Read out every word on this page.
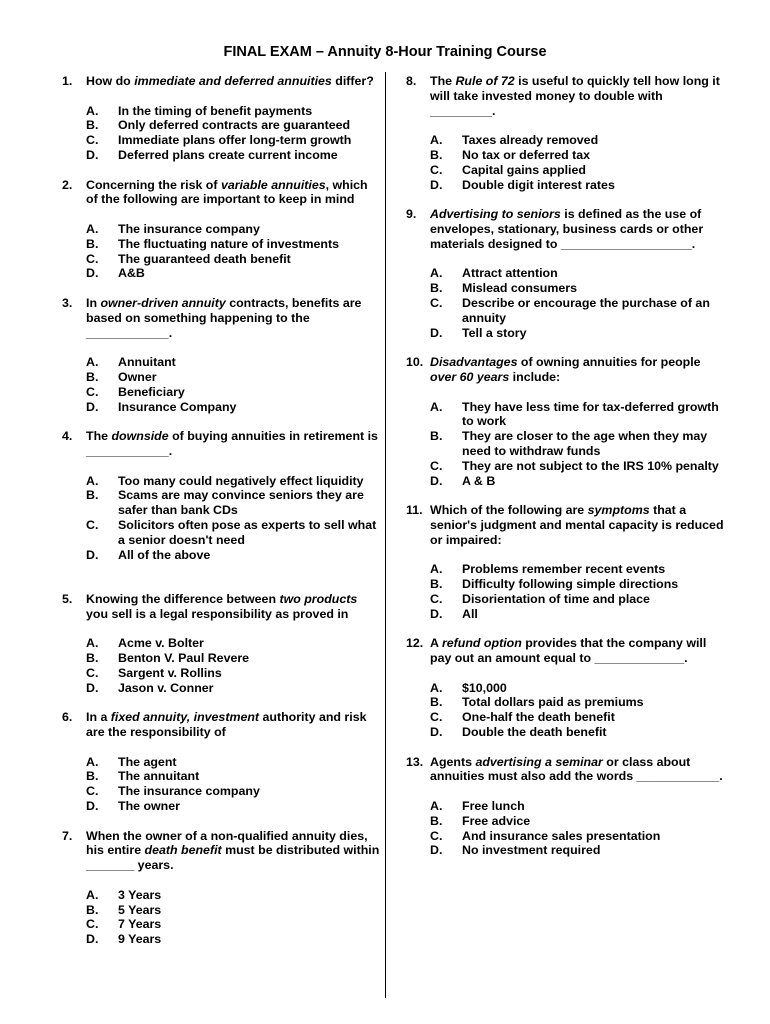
FINAL EXAM – Annuity 8-Hour Training Course
1.	How do immediate and deferred annuities differ?
A.	In the timing of benefit payments
B.	Only deferred contracts are guaranteed
C.	Immediate plans offer long-term growth
D.	Deferred plans create current income
2.	Concerning the risk of variable annuities, which of the following are important to keep in mind
A.	The insurance company
B.	The fluctuating nature of investments
C.	The guaranteed death benefit
D.	A&B
3.	In owner-driven annuity contracts, benefits are based on something happening to the ____________.
A.	Annuitant
B.	Owner
C.	Beneficiary
D.	Insurance Company
4.	The downside of buying annuities in retirement is ____________.
A.	Too many could negatively effect liquidity
B.	Scams are may convince seniors they are safer than bank CDs
C.	Solicitors often pose as experts to sell what a senior doesn't need
D.	All of the above
5.	Knowing the difference between two products you sell is a legal responsibility as proved in
A.	Acme v. Bolter
B.	Benton V. Paul Revere
C.	Sargent v. Rollins
D.	Jason v. Conner
6.	In a fixed annuity, investment authority and risk are the responsibility of
A.	The agent
B.	The annuitant
C.	The insurance company
D.	The owner
7.	When the owner of a non-qualified annuity dies, his entire death benefit must be distributed within _______ years.
A.	3 Years
B.	5 Years
C.	7 Years
D.	9 Years
8.	The Rule of 72 is useful to quickly tell how long it will take invested money to double with _________.
A.	Taxes already removed
B.	No tax or deferred tax
C.	Capital gains applied
D.	Double digit interest rates
9.	Advertising to seniors is defined as the use of envelopes, stationary, business cards or other materials designed to ___________________.
A.	Attract attention
B.	Mislead consumers
C.	Describe or encourage the purchase of an annuity
D.	Tell a story
10. Disadvantages of owning annuities for people over 60 years include:
A.	They have less time for tax-deferred growth to work
B.	They are closer to the age when they may need to withdraw funds
C.	They are not subject to the IRS 10% penalty
D.	A & B
11. Which of the following are symptoms that a senior's judgment and mental capacity is reduced or impaired:
A.	Problems remember recent events
B.	Difficulty following simple directions
C.	Disorientation of time and place
D.	All
12. A refund option provides that the company will pay out an amount equal to _____________.
A.	$10,000
B.	Total dollars paid as premiums
C.	One-half the death benefit
D.	Double the death benefit
13. Agents advertising a seminar or class about annuities must also add the words ____________.
A.	Free lunch
B.	Free advice
C.	And insurance sales presentation
D.	No investment required
